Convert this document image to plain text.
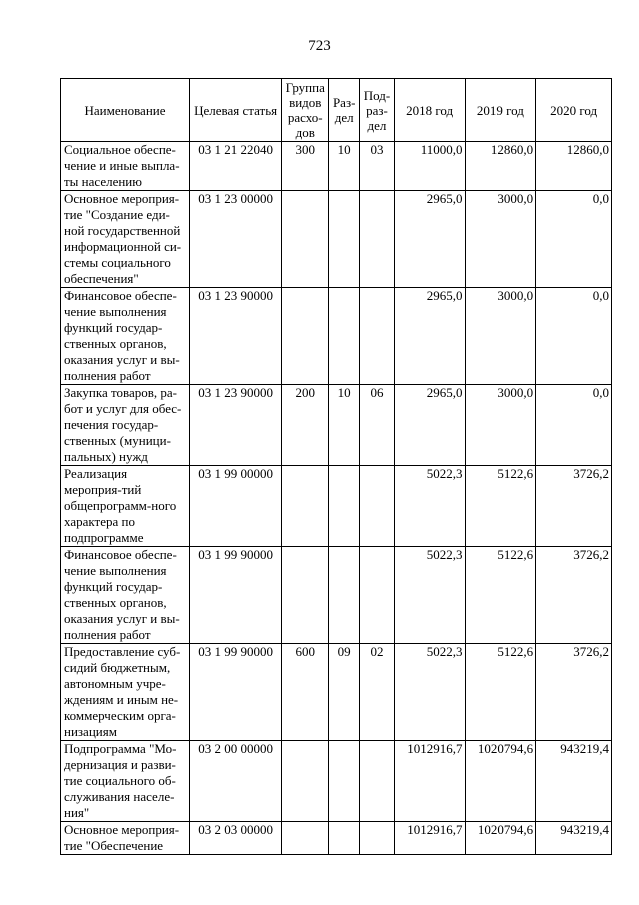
723
Наименование	Целевая статья	Группа видов расхо-дов	Раз-дел	Под-раз-дел	2018 год	2019 год	2020 год
Социальное обеспе-чение и иные выпла-ты населению	03 1 21 22040	300	10	03	11000,0	12860,0	12860,0
Основное мероприя-тие "Создание еди-ной государственной информационной си-стемы социального обеспечения"	03 1 23 00000				2965,0	3000,0	0,0
Финансовое обеспе-чение выполнения функций государ-ственных органов, оказания услуг и вы-полнения работ	03 1 23 90000				2965,0	3000,0	0,0
Закупка товаров, ра-бот и услуг для обес-печения государ-ственных (муници-пальных) нужд	03 1 23 90000	200	10	06	2965,0	3000,0	0,0
Реализация мероприя-тий общепрограмм-ного характера по подпрограмме	03 1 99 00000				5022,3	5122,6	3726,2
Финансовое обеспе-чение выполнения функций государ-ственных органов, оказания услуг и вы-полнения работ	03 1 99 90000				5022,3	5122,6	3726,2
Предоставление суб-сидий бюджетным, автономным учре-ждениям и иным не-коммерческим орга-низациям	03 1 99 90000	600	09	02	5022,3	5122,6	3726,2
Подпрограмма "Мо-дернизация и разви-тие социального об-служивания населе-ния"	03 2 00 00000				1012916,7	1020794,6	943219,4
Основное мероприя-тие "Обеспечение	03 2 03 00000				1012916,7	1020794,6	943219,4
